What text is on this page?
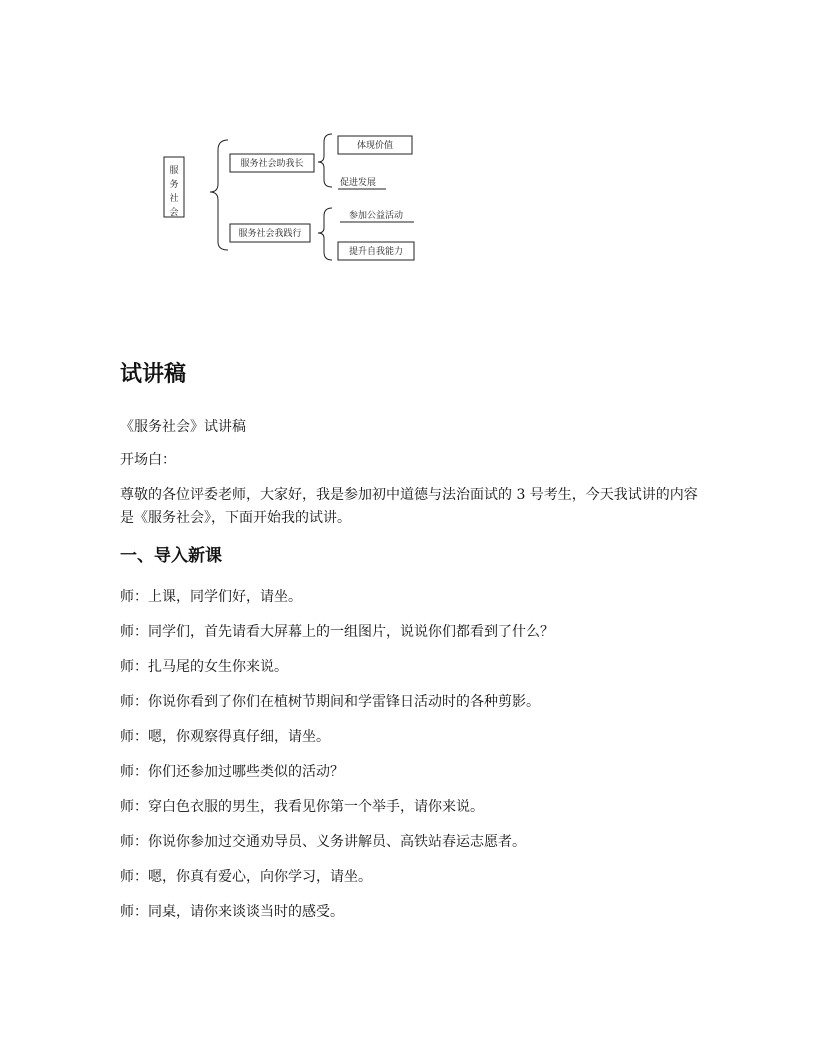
服
务
社
会
服务社会助我长
体现价值
促进发展
服务社会我践行
参加公益活动
提升自我能力
试讲稿

《服务社会》试讲稿

开场白：

尊敬的各位评委老师，大家好，我是参加初中道德与法治面试的 3 号考生，今天我试讲的内容是《服务社会》，下面开始我的试讲。

一、导入新课

师：上课，同学们好，请坐。

师：同学们，首先请看大屏幕上的一组图片，说说你们都看到了什么？

师：扎马尾的女生你来说。

师：你说你看到了你们在植树节期间和学雷锋日活动时的各种剪影。

师：嗯，你观察得真仔细，请坐。

师：你们还参加过哪些类似的活动？

师：穿白色衣服的男生，我看见你第一个举手，请你来说。

师：你说你参加过交通劝导员、义务讲解员、高铁站春运志愿者。

师：嗯，你真有爱心，向你学习，请坐。

师：同桌，请你来谈谈当时的感受。
